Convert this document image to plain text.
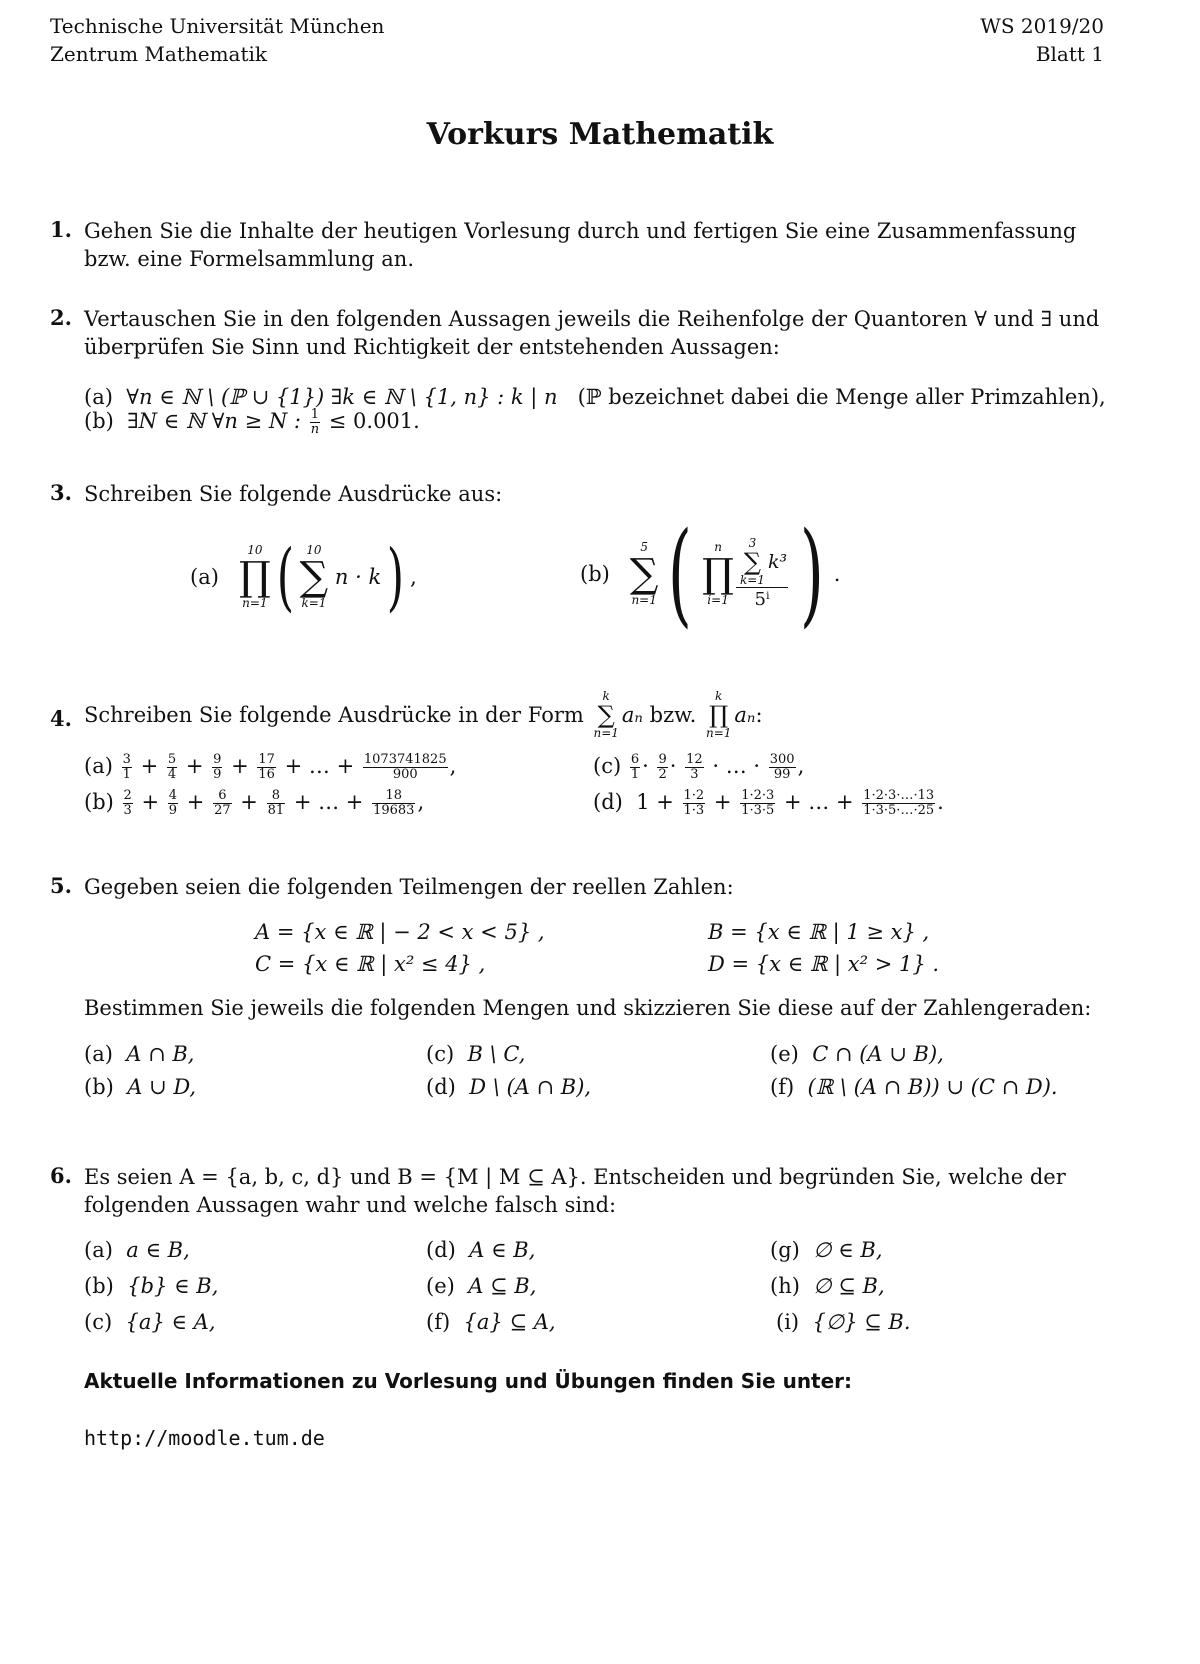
Technische Universität München
Zentrum Mathematik
WS 2019/20
Blatt 1
Vorkurs Mathematik
1. Gehen Sie die Inhalte der heutigen Vorlesung durch und fertigen Sie eine Zusammenfassung bzw. eine Formelsammlung an.
2. Vertauschen Sie in den folgenden Aussagen jeweils die Reihenfolge der Quantoren ∀ und ∃ und überprüfen Sie Sinn und Richtigkeit der entstehenden Aussagen:
(a) ∀n ∈ ℕ \ (ℙ ∪ {1}) ∃k ∈ ℕ \ {1, n} : k | n (ℙ bezeichnet dabei die Menge aller Primzahlen),
(b) ∃N ∈ ℕ ∀n ≥ N : $\frac{1}{n} \le 0.001$.
3. Schreiben Sie folgende Ausdrücke aus:
(a)
10
∏
n=1 (	10
∑
k=1
n · k) ,	(b)
5
∑
n=1 (	n
∏
i=1 3
∑
k=1
k³
5ⁱ ) .
4. Schreiben Sie folgende Ausdrücke in der Form
k
∑
n=1
aₙ bzw.
k
∏
n=1
aₙ:
$(a) \frac{3}{1} + \frac{5}{4} + \frac{9}{9} + \frac{17}{16}$ + … + $\frac{1073741825}{900}$ ,
$(b) \frac{2}{3} + \frac{4}{9} + \frac{6}{27} + \frac{8}{81}$ + … + $\frac{18}{19683}$ ,
$(c) \frac{6}{1} \cdot \frac{9}{2} \cdot \frac{12}{3}$ · … · $\frac{300}{99}$ ,
(d) $1 + \frac{1\cdot 2}{1\cdot 3} + \frac{1\cdot 2\cdot 3}{1\cdot 3\cdot 5}$ + … + $\frac{1\cdot 2\cdot 3\cdot\dots\cdot 13}{1\cdot 3\cdot 5\cdot\dots\cdot 25}$ .
5. Gegeben seien die folgenden Teilmengen der reellen Zahlen:
A = {x ∈ ℝ | − 2 < x < 5} ,	B = {x ∈ ℝ | 1 ≥ x} ,
C = {x ∈ ℝ | x² ≤ 4} ,	D = {x ∈ ℝ | x² > 1} .
Bestimmen Sie jeweils die folgenden Mengen und skizzieren Sie diese auf der Zahlengeraden:
(a) A ∩ B,
(b) A ∪ D,
(c) B \ C,
(d) D \ (A ∩ B),
(e) C ∩ (A ∪ B),
(f) (ℝ \ (A ∩ B)) ∪ (C ∩ D).
6. Es seien A = {a, b, c, d} und B = {M | M ⊆ A}. Entscheiden und begründen Sie, welche der folgenden Aussagen wahr und welche falsch sind:
(a) a ∈ B,
(b) {b} ∈ B,
(c) {a} ∈ A,
(d) A ∈ B,
(e) A ⊆ B,
(f) {a} ⊆ A,
(g) ∅ ∈ B,
(h) ∅ ⊆ B,
(i) {∅} ⊆ B.
Aktuelle Informationen zu Vorlesung und Übungen finden Sie unter:
http://moodle.tum.de
